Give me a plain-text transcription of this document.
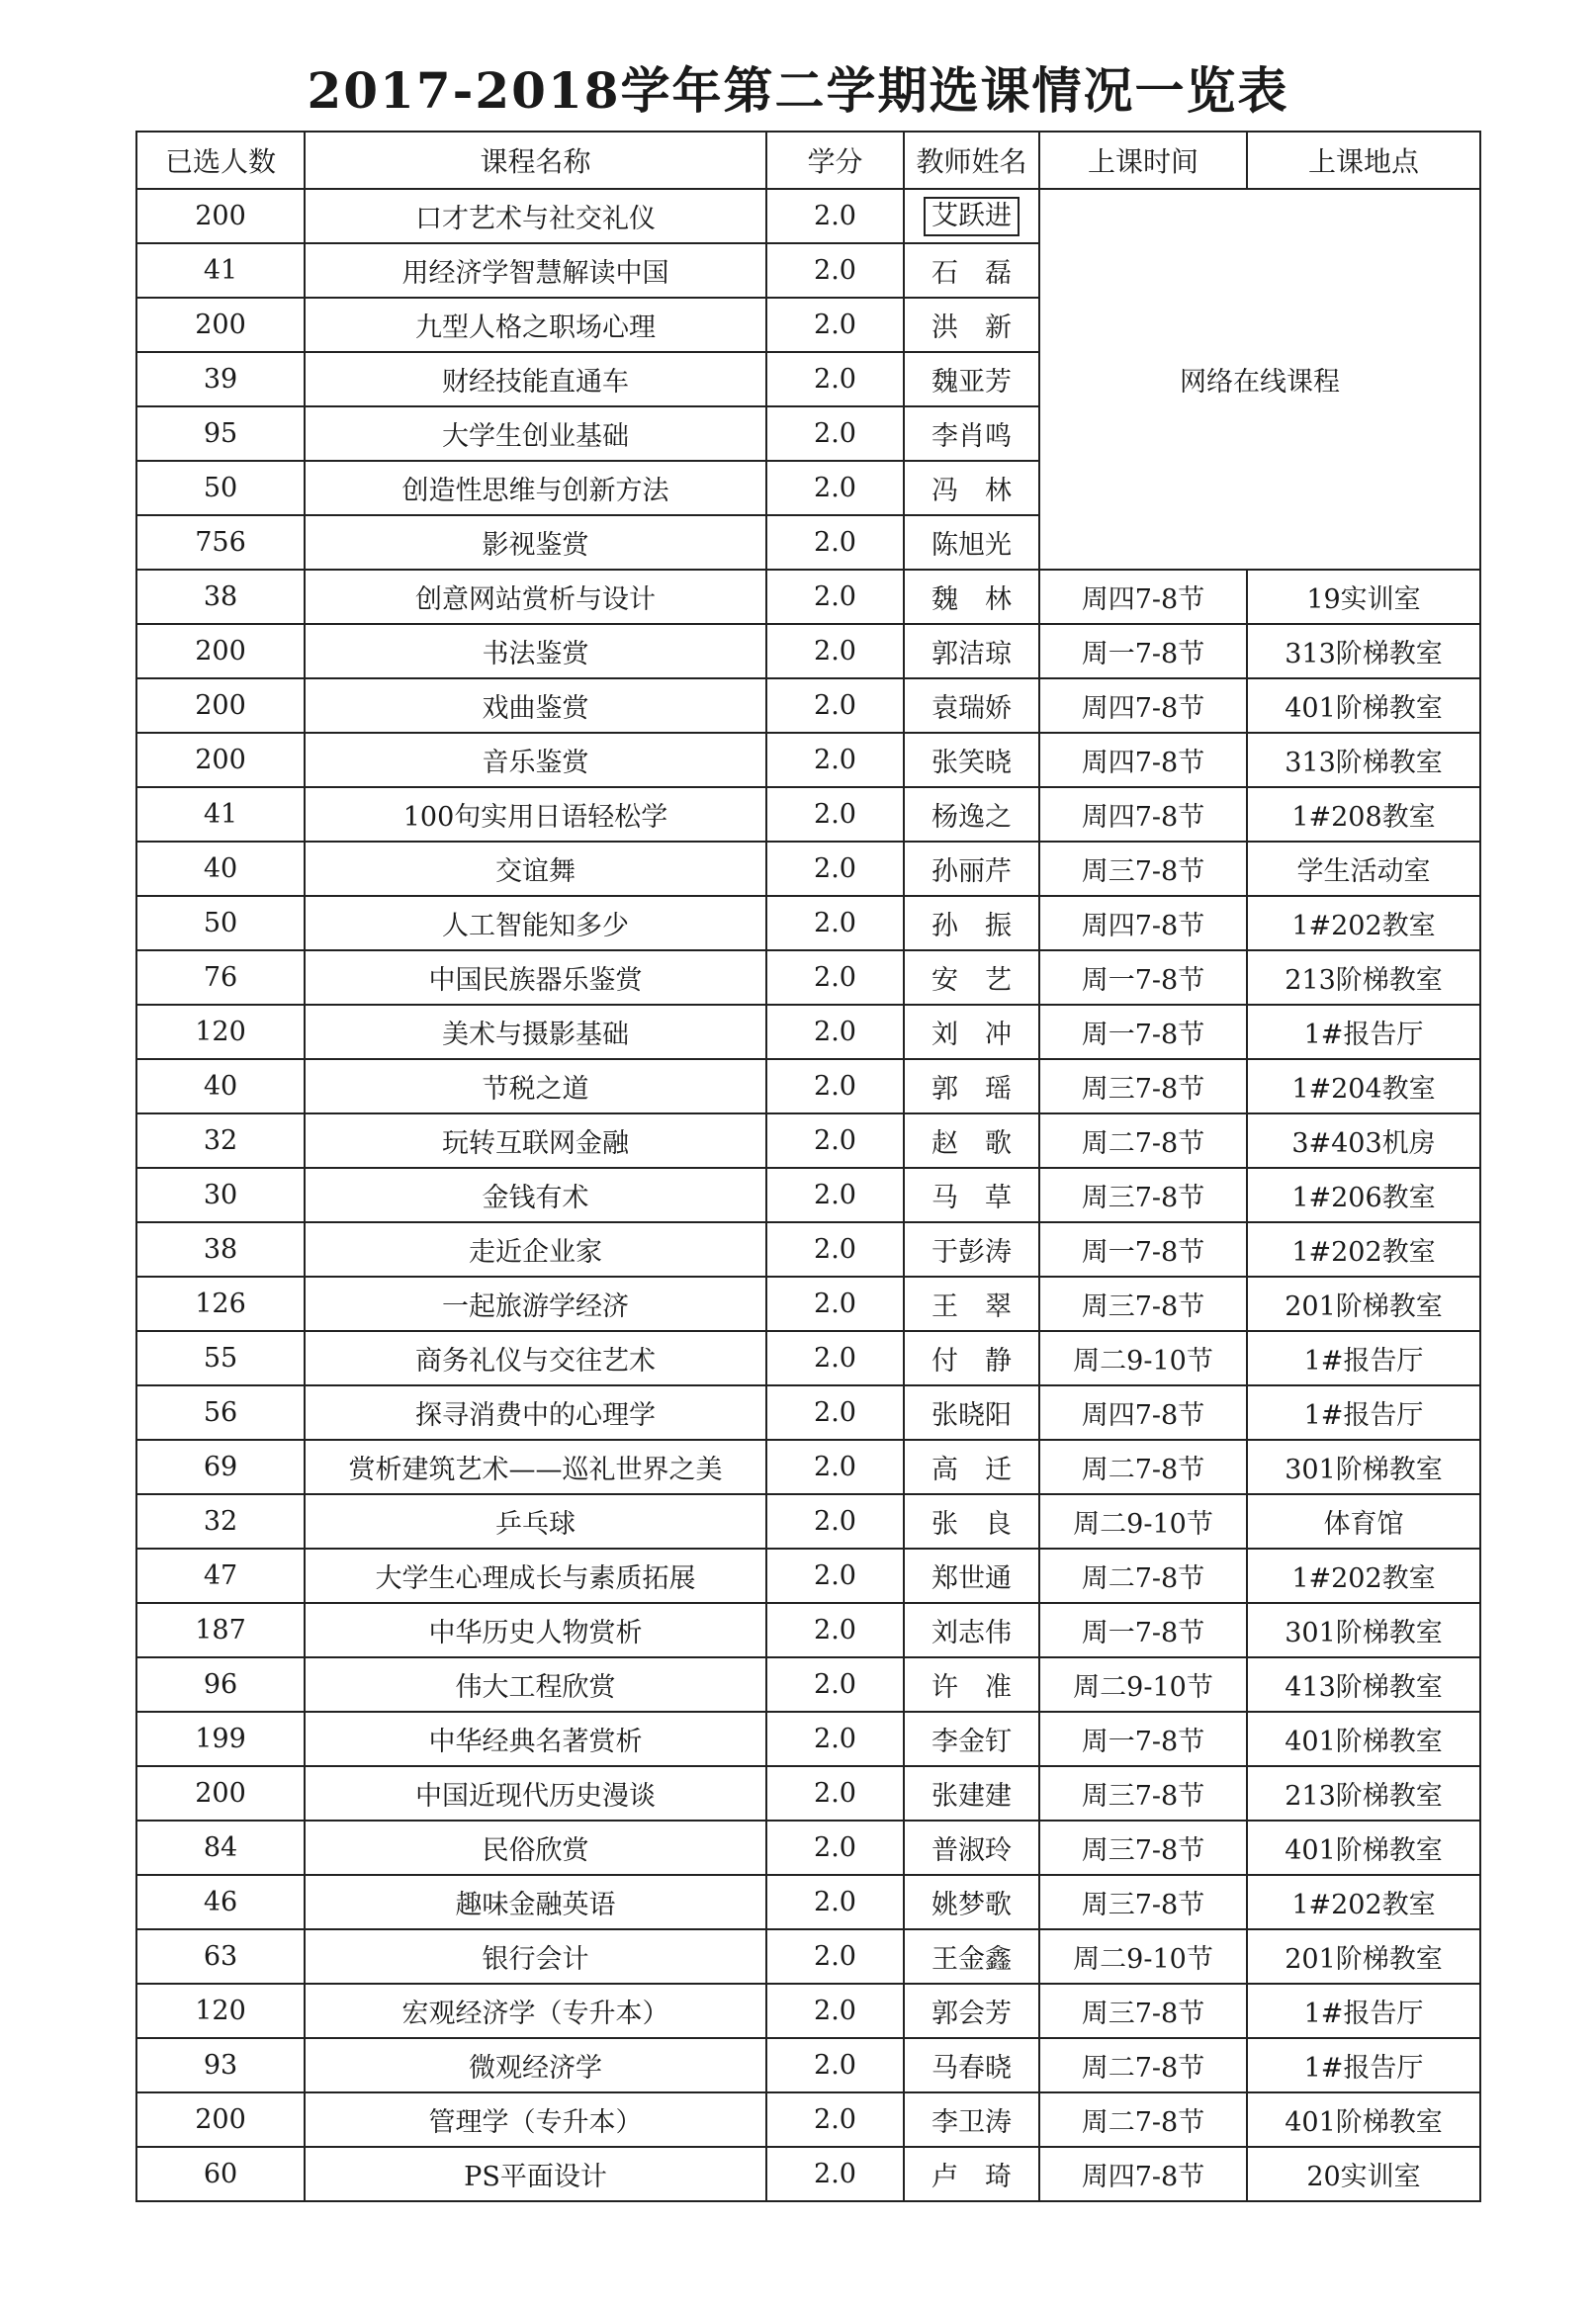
2017-2018学年第二学期选课情况一览表
已选人数	课程名称	学分	教师姓名	上课时间	上课地点
200	口才艺术与社交礼仪	2.0	艾跃进	网络在线课程	
41	用经济学智慧解读中国	2.0	石　磊		
200	九型人格之职场心理	2.0	洪　新		
39	财经技能直通车	2.0	魏亚芳		
95	大学生创业基础	2.0	李肖鸣		
50	创造性思维与创新方法	2.0	冯　林		
756	影视鉴赏	2.0	陈旭光		
38	创意网站赏析与设计	2.0	魏　林	周四7-8节	19实训室
200	书法鉴赏	2.0	郭洁琼	周一7-8节	313阶梯教室
200	戏曲鉴赏	2.0	袁瑞娇	周四7-8节	401阶梯教室
200	音乐鉴赏	2.0	张笑晓	周四7-8节	313阶梯教室
41	100句实用日语轻松学	2.0	杨逸之	周四7-8节	1#208教室
40	交谊舞	2.0	孙丽芹	周三7-8节	学生活动室
50	人工智能知多少	2.0	孙　振	周四7-8节	1#202教室
76	中国民族器乐鉴赏	2.0	安　艺	周一7-8节	213阶梯教室
120	美术与摄影基础	2.0	刘　冲	周一7-8节	1#报告厅
40	节税之道	2.0	郭　瑶	周三7-8节	1#204教室
32	玩转互联网金融	2.0	赵　歌	周二7-8节	3#403机房
30	金钱有术	2.0	马　草	周三7-8节	1#206教室
38	走近企业家	2.0	于彭涛	周一7-8节	1#202教室
126	一起旅游学经济	2.0	王　翠	周三7-8节	201阶梯教室
55	商务礼仪与交往艺术	2.0	付　静	周二9-10节	1#报告厅
56	探寻消费中的心理学	2.0	张晓阳	周四7-8节	1#报告厅
69	赏析建筑艺术——巡礼世界之美	2.0	高　迁	周二7-8节	301阶梯教室
32	乒乓球	2.0	张　良	周二9-10节	体育馆
47	大学生心理成长与素质拓展	2.0	郑世通	周二7-8节	1#202教室
187	中华历史人物赏析	2.0	刘志伟	周一7-8节	301阶梯教室
96	伟大工程欣赏	2.0	许　准	周二9-10节	413阶梯教室
199	中华经典名著赏析	2.0	李金钉	周一7-8节	401阶梯教室
200	中国近现代历史漫谈	2.0	张建建	周三7-8节	213阶梯教室
84	民俗欣赏	2.0	普淑玲	周三7-8节	401阶梯教室
46	趣味金融英语	2.0	姚梦歌	周三7-8节	1#202教室
63	银行会计	2.0	王金鑫	周二9-10节	201阶梯教室
120	宏观经济学（专升本）	2.0	郭会芳	周三7-8节	1#报告厅
93	微观经济学	2.0	马春晓	周二7-8节	1#报告厅
200	管理学（专升本）	2.0	李卫涛	周二7-8节	401阶梯教室
60	PS平面设计	2.0	卢　琦	周四7-8节	20实训室
